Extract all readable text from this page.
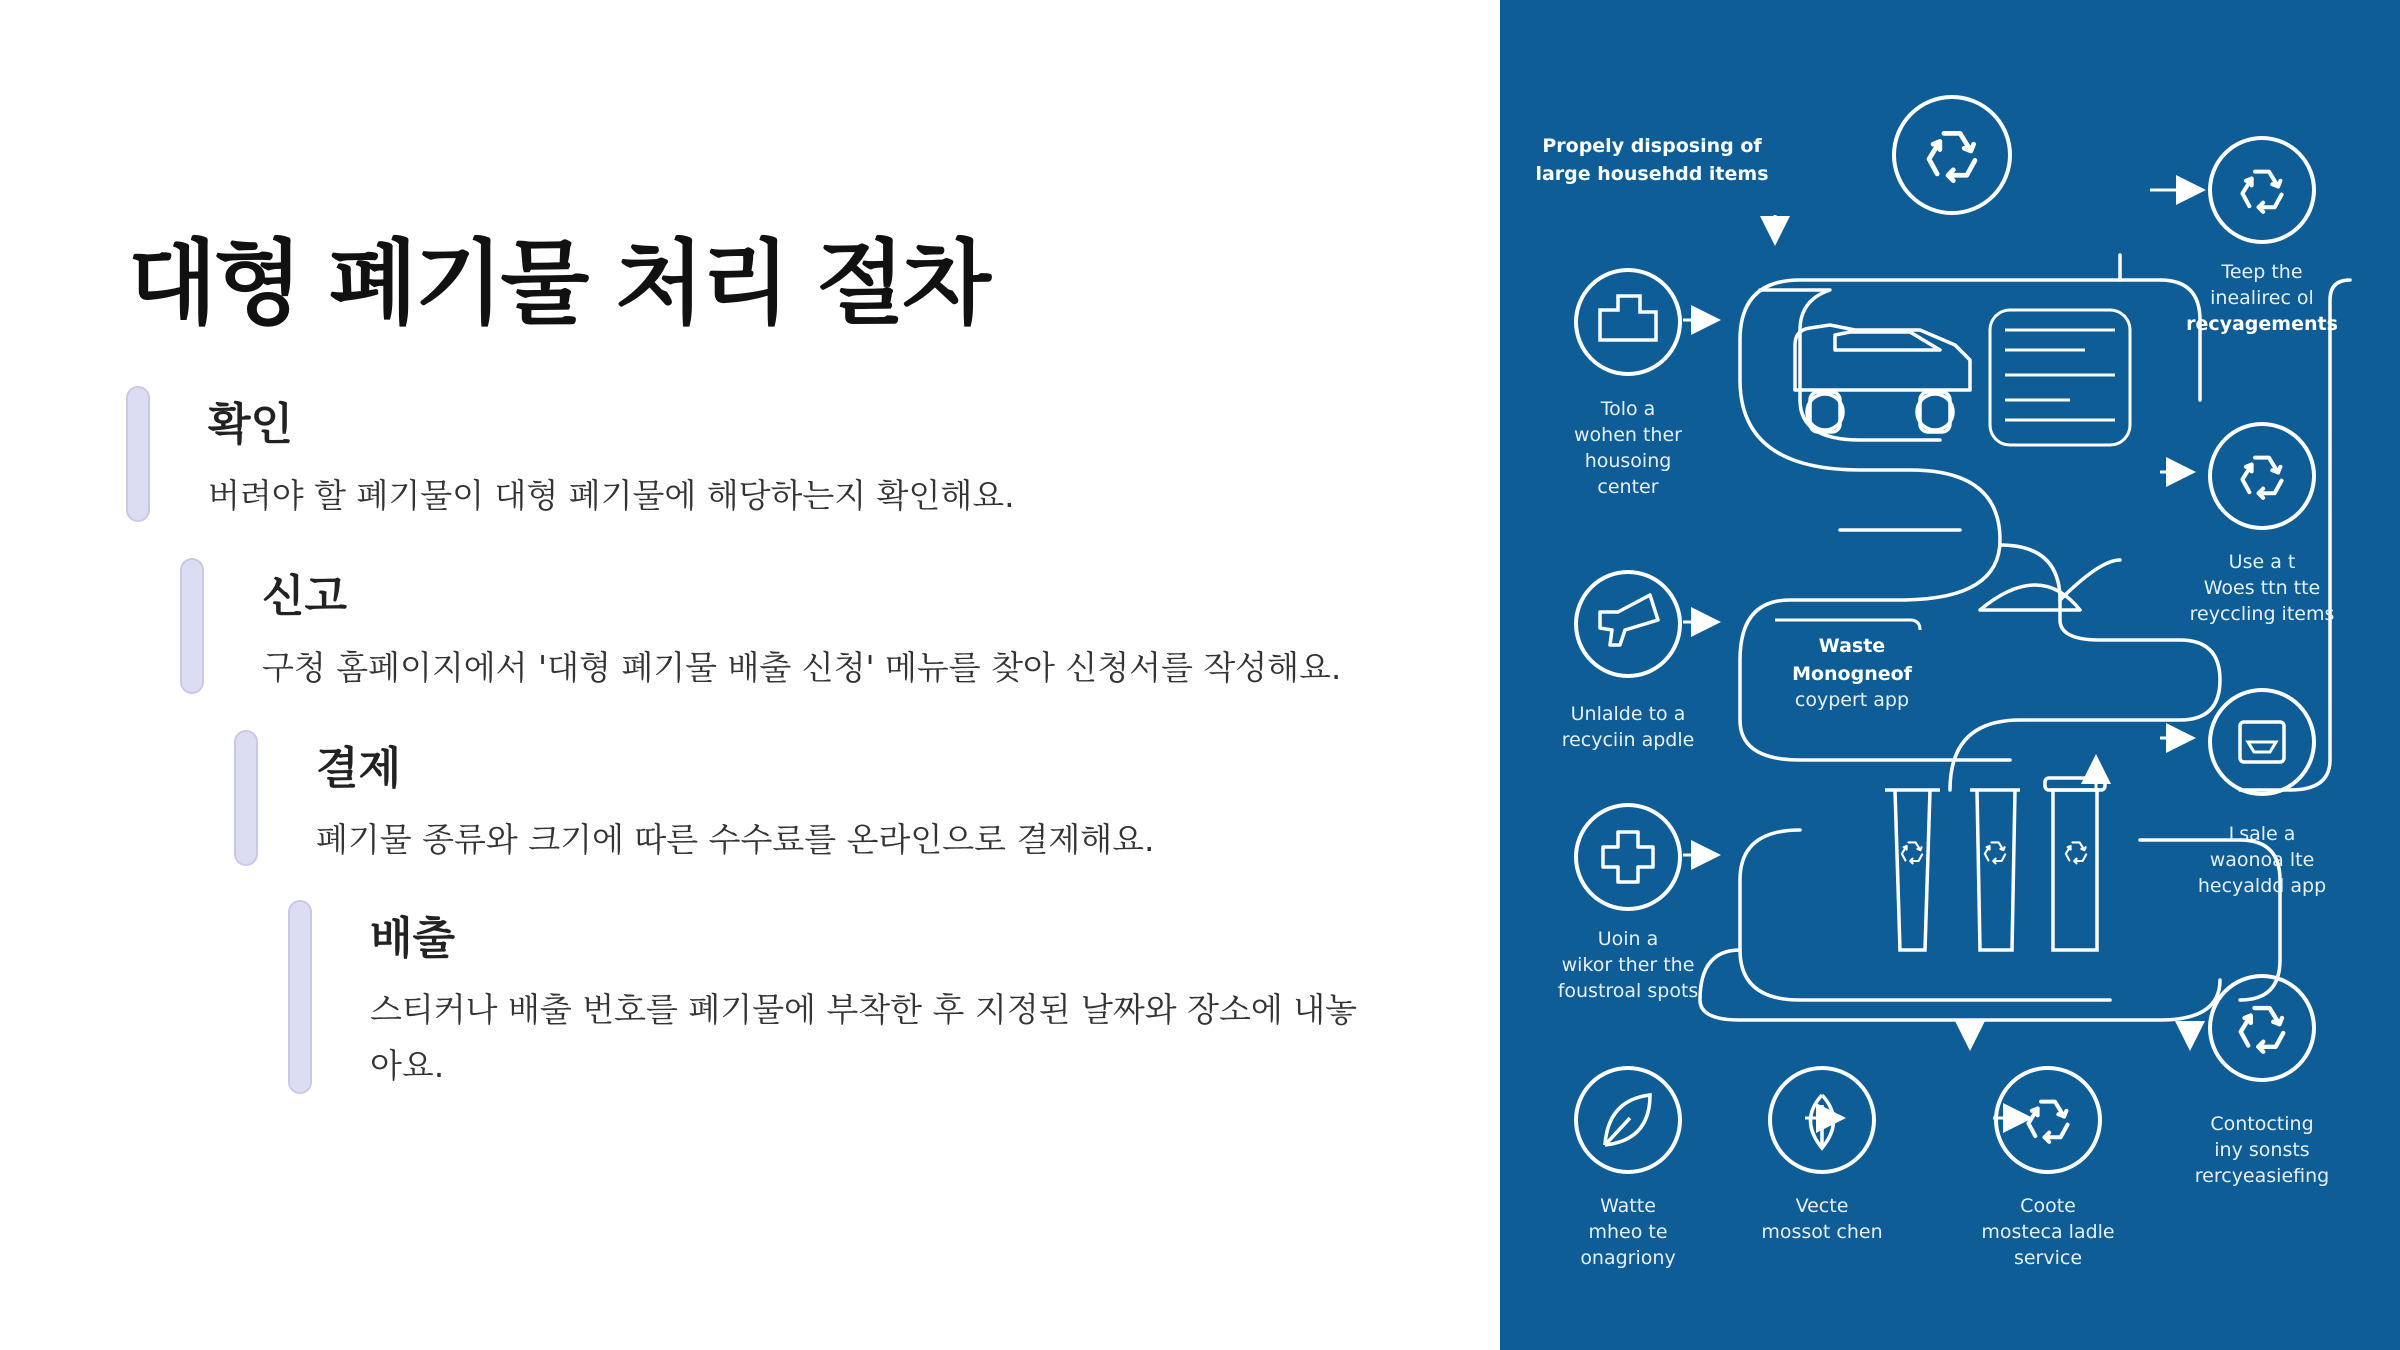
대형 폐기물 처리 절차
확인
버려야 할 폐기물이 대형 폐기물에 해당하는지 확인해요.
신고
구청 홈페이지에서 '대형 폐기물 배출 신청' 메뉴를 찾아 신청서를 작성해요.
결제
폐기물 종류와 크기에 따른 수수료를 온라인으로 결제해요.
배출
스티커나 배출 번호를 폐기물에 부착한 후 지정된 날짜와 장소에 내놓아요.
Propely disposing of
large househdd items
Waste
Monogneof
coypert app
Tolo a
wohen ther
housoing
center
Unlalde to a
recyciin apdle
Uoin a
wikor ther the
foustroal spots
Teep the
inealirec ol
recyagements
Use a t
Woes ttn tte
reyccling items
Lsale a
waonoa lte
hecyaldd app
Contocting
iny sonsts
rercyeasiefing
Watte
mheo te
onagriony
Vecte
mossot chen
Coote
mosteca ladle
service
